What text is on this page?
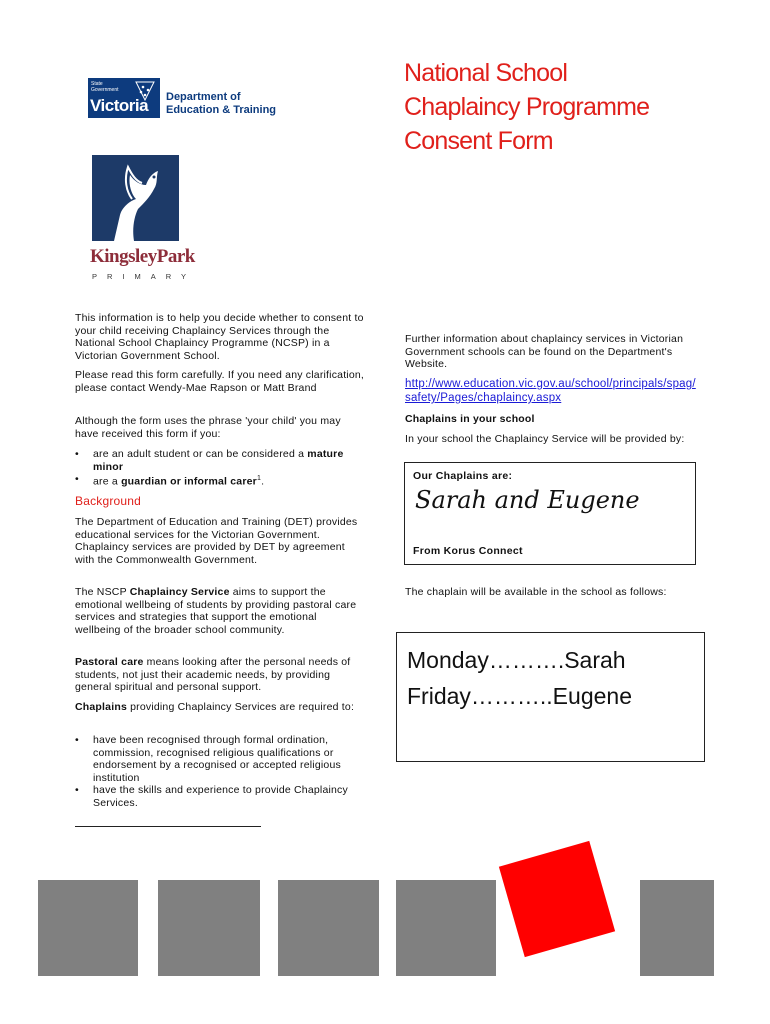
National School
Chaplaincy Programme
Consent Form
State
Government
Victoria Department of
Education & Training
KingsleyPark
PRIMARY

This information is to help you decide whether to consent to your child receiving Chaplaincy Services through the National School Chaplaincy Programme (NCSP) in a Victorian Government School.

Please read this form carefully. If you need any clarification, please contact Wendy-Mae Rapson or Matt Brand

Although the form uses the phrase 'your child' you may have received this form if you:

• are an adult student or can be considered a mature minor
• are a guardian or informal carer$^1$.
Background

The Department of Education and Training (DET) provides educational services for the Victorian Government. Chaplaincy services are provided by DET by agreement with the Commonwealth Government.

The NSCP Chaplaincy Service aims to support the emotional wellbeing of students by providing pastoral care services and strategies that support the emotional wellbeing of the broader school community.

Pastoral care means looking after the personal needs of students, not just their academic needs, by providing general spiritual and personal support.

Chaplains providing Chaplaincy Services are required to:

• have been recognised through formal ordination, commission, recognised religious qualifications or endorsement by a recognised or accepted religious institution
• have the skills and experience to provide Chaplaincy Services.

Further information about chaplaincy services in Victorian Government schools can be found on the Department's Website.

http://www.education.vic.gov.au/school/principals/spag/safety/Pages/chaplaincy.aspx
Chaplains in your school

In your school the Chaplaincy Service will be provided by:

Our Chaplains are:
Sarah and Eugene
From Korus Connect

The chaplain will be available in the school as follows:

Monday……….Sarah
Friday………..Eugene
